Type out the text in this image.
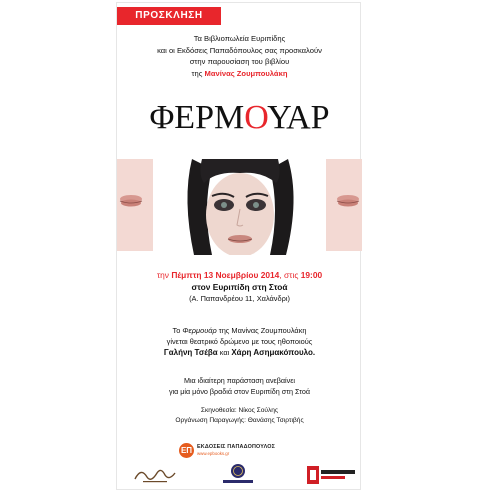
ΠΡΟΣΚΛΗΣΗ
Τα Βιβλιοπωλεία Ευριπίδης
και οι Εκδόσεις Παπαδόπουλος σας προσκαλούν
στην παρουσίαση του βιβλίου
της Μανίνας Ζουμπουλάκη
ΦΕΡΜΟΥΑΡ
την Πέμπτη 13 Νοεμβρίου 2014, στις 19:00
στον Ευριπίδη στη Στοά
(Α. Παπανδρέου 11, Χαλάνδρι)
Το Φερμουάρ της Μανίνας Ζουμπουλάκη
γίνεται θεατρικό δρώμενο με τους ηθοποιούς
Γαλήνη Τσέβα και Χάρη Ασημακόπουλο.
Μια ιδιαίτερη παράσταση ανεβαίνει
για μία μόνο βραδιά στον Ευριπίδη στη Στοά
Σκηνοθεσία: Νίκος Σούλης
Οργάνωση Παραγωγής: Θανάσης Τσιρτιβής
ΕΠ ΕΚΔΟΣΕΙΣ ΠΑΠΑΔΟΠΟΥΛΟΣ
www.epbooks.gr
